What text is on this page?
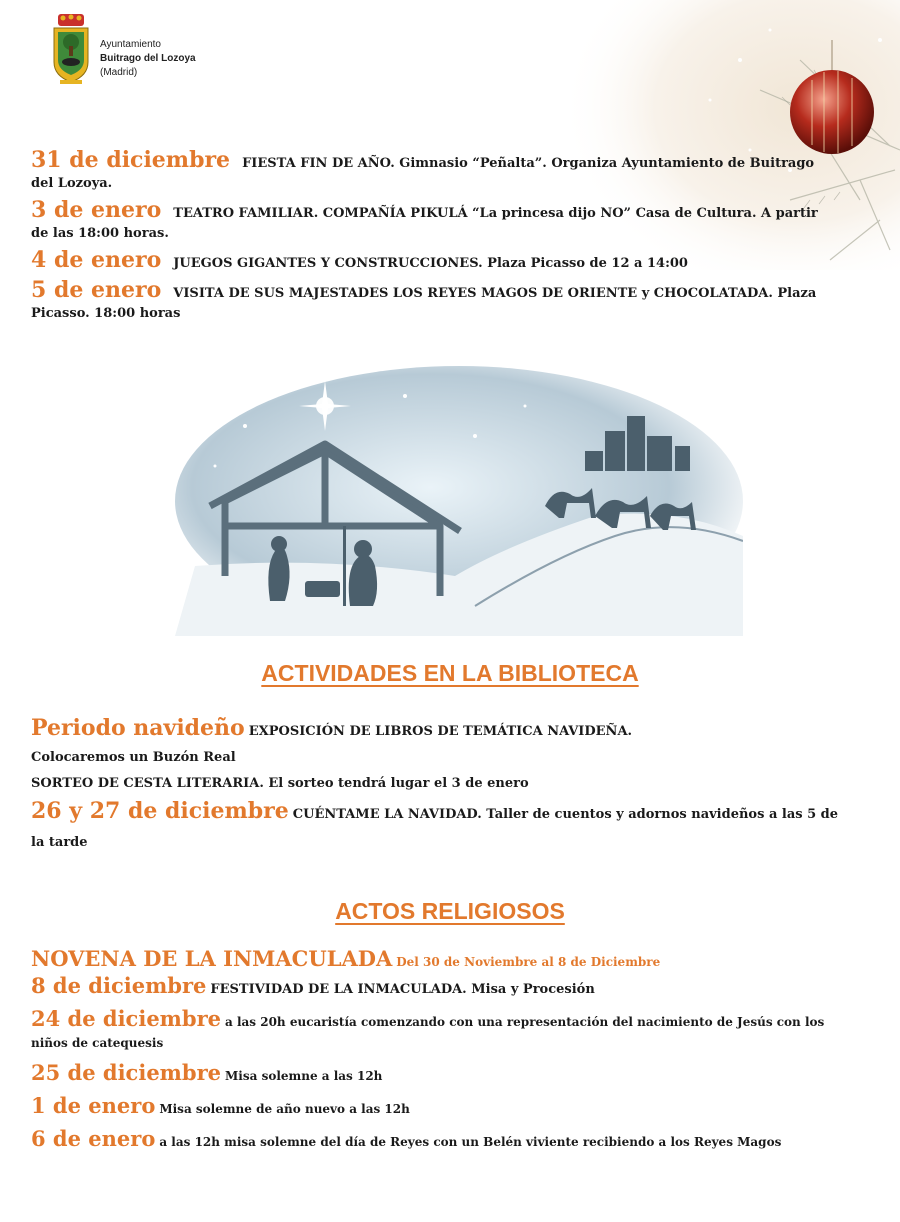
Ayuntamiento
Buitrago del Lozoya
(Madrid)
31 de diciembre FIESTA FIN DE AÑO. Gimnasio “Peñalta”. Organiza Ayuntamiento de Buitrago del Lozoya.
3 de enero TEATRO FAMILIAR. COMPAÑÍA PIKULÁ “La princesa dijo NO” Casa de Cultura. A partir de las 18:00 horas.
4 de enero JUEGOS GIGANTES Y CONSTRUCCIONES. Plaza Picasso de 12 a 14:00
5 de enero VISITA DE SUS MAJESTADES LOS REYES MAGOS DE ORIENTE y CHOCOLATADA. Plaza Picasso. 18:00 horas
ACTIVIDADES EN LA BIBLIOTECA
Periodo navideño EXPOSICIÓN DE LIBROS DE TEMÁTICA NAVIDEÑA.
Colocaremos un Buzón Real
SORTEO DE CESTA LITERARIA. El sorteo tendrá lugar el 3 de enero
26 y 27 de diciembre CUÉNTAME LA NAVIDAD. Taller de cuentos y adornos navideños a las 5 de la tarde
ACTOS RELIGIOSOS
NOVENA DE LA INMACULADA Del 30 de Noviembre al 8 de Diciembre
8 de diciembre FESTIVIDAD DE LA INMACULADA. Misa y Procesión
24 de diciembre a las 20h eucaristía comenzando con una representación del nacimiento de Jesús con los niños de catequesis
25 de diciembre Misa solemne a las 12h
1 de enero Misa solemne de año nuevo a las 12h
6 de enero a las 12h misa solemne del día de Reyes con un Belén viviente recibiendo a los Reyes Magos
